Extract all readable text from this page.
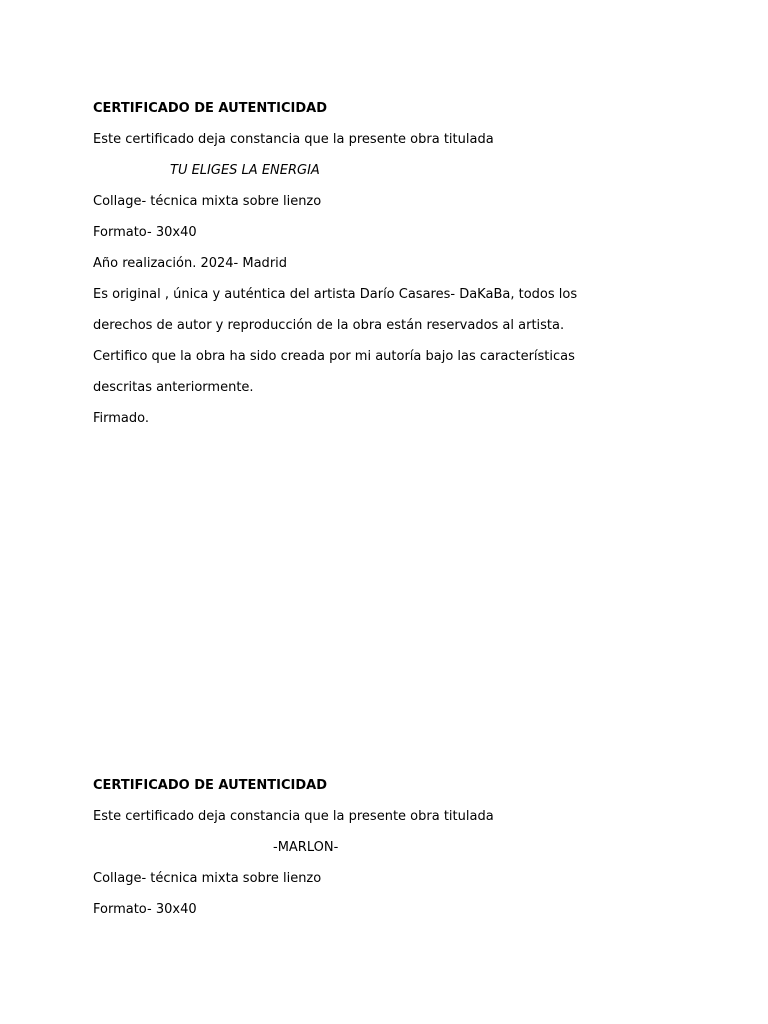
CERTIFICADO DE AUTENTICIDAD
Este certificado deja constancia que la presente obra titulada
TU ELIGES LA ENERGIA
Collage- técnica mixta sobre lienzo
Formato- 30x40
Año realización. 2024- Madrid
Es original , única y auténtica del artista Darío Casares- DaKaBa, todos los
derechos de autor y reproducción de la obra están reservados al artista.
Certifico que la obra ha sido creada por mi autoría bajo las características
descritas anteriormente.
Firmado.
CERTIFICADO DE AUTENTICIDAD
Este certificado deja constancia que la presente obra titulada
-MARLON-
Collage- técnica mixta sobre lienzo
Formato- 30x40
